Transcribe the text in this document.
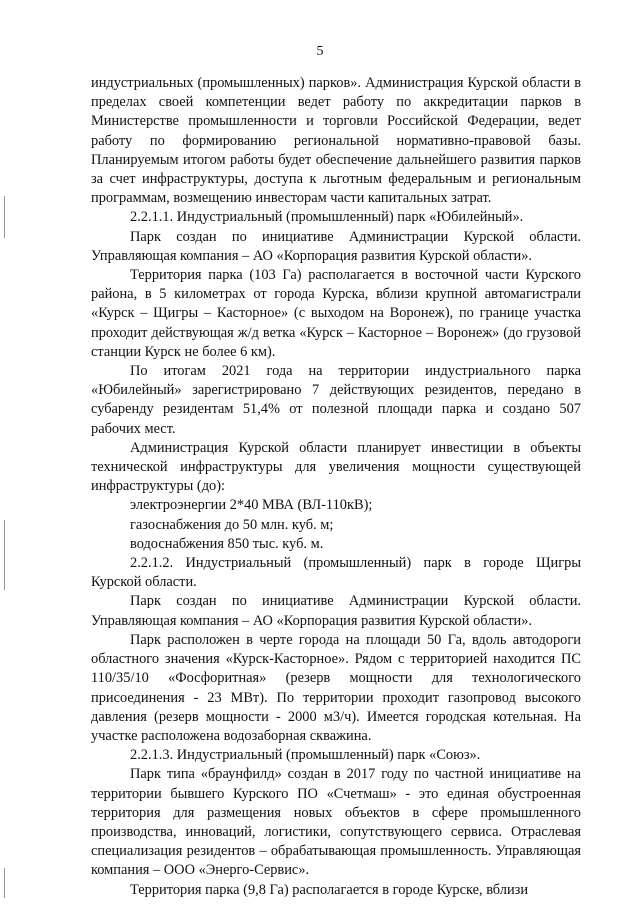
5

индустриальных (промышленных) парков». Администрация Курской области в пределах своей компетенции ведет работу по аккредитации парков в Министерстве промышленности и торговли Российской Федерации, ведет работу по формированию региональной нормативно-правовой базы. Планируемым итогом работы будет обеспечение дальнейшего развития парков за счет инфраструктуры, доступа к льготным федеральным и региональным программам, возмещению инвесторам части капитальных затрат.

2.2.1.1. Индустриальный (промышленный) парк «Юбилейный».

Парк создан по инициативе Администрации Курской области. Управляющая компания – АО «Корпорация развития Курской области».

Территория парка (103 Га) располагается в восточной части Курского района, в 5 километрах от города Курска, вблизи крупной автомагистрали «Курск – Щигры – Касторное» (с выходом на Воронеж), по границе участка проходит действующая ж/д ветка «Курск – Касторное – Воронеж» (до грузовой станции Курск не более 6 км).

По итогам 2021 года на территории индустриального парка «Юбилейный» зарегистрировано 7 действующих резидентов, передано в субаренду резидентам 51,4% от полезной площади парка и создано 507 рабочих мест.

Администрация Курской области планирует инвестиции в объекты технической инфраструктуры для увеличения мощности существующей инфраструктуры (до):

электроэнергии 2*40 МВА (ВЛ-110кВ);

газоснабжения до 50 млн. куб. м;

водоснабжения 850 тыс. куб. м.

2.2.1.2. Индустриальный (промышленный) парк в городе Щигры Курской области.

Парк создан по инициативе Администрации Курской области. Управляющая компания – АО «Корпорация развития Курской области».

Парк расположен в черте города на площади 50 Га, вдоль автодороги областного значения «Курск-Касторное». Рядом с территорией находится ПС 110/35/10 «Фосфоритная» (резерв мощности для технологического присоединения - 23 МВт). По территории проходит газопровод высокого давления (резерв мощности - 2000 м3/ч). Имеется городская котельная. На участке расположена водозаборная скважина.

2.2.1.3. Индустриальный (промышленный) парк «Союз».

Парк типа «браунфилд» создан в 2017 году по частной инициативе на территории бывшего Курского ПО «Счетмаш» - это единая обустроенная территория для размещения новых объектов в сфере промышленного производства, инноваций, логистики, сопутствующего сервиса. Отраслевая специализация резидентов – обрабатывающая промышленность. Управляющая компания – ООО «Энерго-Сервис».

Территория парка (9,8 Га) располагается в городе Курске, вблизи
